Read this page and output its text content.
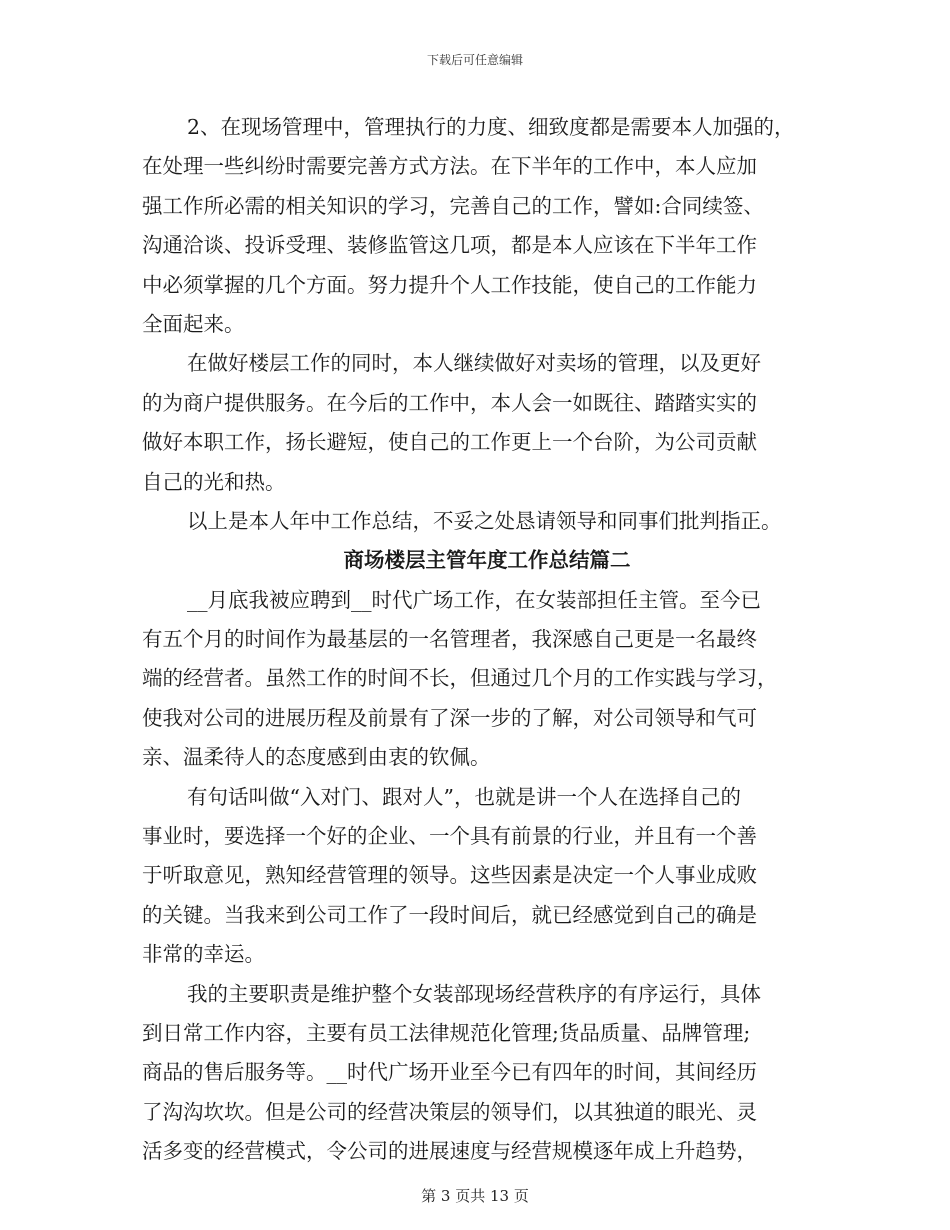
下载后可任意编辑
2、在现场管理中，管理执行的力度、细致度都是需要本人加强的，
在处理一些纠纷时需要完善方式方法。在下半年的工作中，本人应加
强工作所必需的相关知识的学习，完善自己的工作，譬如:合同续签、
沟通洽谈、投诉受理、装修监管这几项，都是本人应该在下半年工作
中必须掌握的几个方面。努力提升个人工作技能，使自己的工作能力
全面起来。
在做好楼层工作的同时，本人继续做好对卖场的管理，以及更好
的为商户提供服务。在今后的工作中，本人会一如既往、踏踏实实的
做好本职工作，扬长避短，使自己的工作更上一个台阶，为公司贡献
自己的光和热。
以上是本人年中工作总结，不妥之处恳请领导和同事们批判指正。
商场楼层主管年度工作总结篇二
__月底我被应聘到__时代广场工作，在女装部担任主管。至今已
有五个月的时间作为最基层的一名管理者，我深感自己更是一名最终
端的经营者。虽然工作的时间不长，但通过几个月的工作实践与学习，
使我对公司的进展历程及前景有了深一步的了解，对公司领导和气可
亲、温柔待人的态度感到由衷的钦佩。
有句话叫做“入对门、跟对人”，也就是讲一个人在选择自己的
事业时，要选择一个好的企业、一个具有前景的行业，并且有一个善
于听取意见，熟知经营管理的领导。这些因素是决定一个人事业成败
的关键。当我来到公司工作了一段时间后，就已经感觉到自己的确是
非常的幸运。
我的主要职责是维护整个女装部现场经营秩序的有序运行，具体
到日常工作内容，主要有员工法律规范化管理;货品质量、品牌管理;
商品的售后服务等。__时代广场开业至今已有四年的时间，其间经历
了沟沟坎坎。但是公司的经营决策层的领导们，以其独道的眼光、灵
活多变的经营模式，令公司的进展速度与经营规模逐年成上升趋势，
第 3 页共 13 页
